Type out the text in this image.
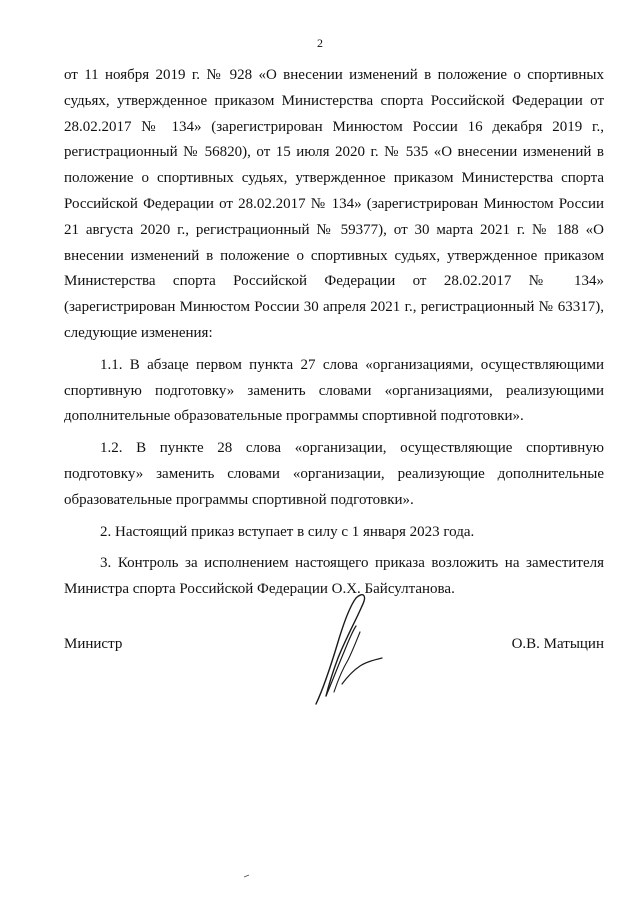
2

от 11 ноября 2019 г. № 928 «О внесении изменений в положение о спортивных судьях, утвержденное приказом Министерства спорта Российской Федерации от 28.02.2017 № 134» (зарегистрирован Минюстом России 16 декабря 2019 г., регистрационный № 56820), от 15 июля 2020 г. № 535 «О внесении изменений в положение о спортивных судьях, утвержденное приказом Министерства спорта Российской Федерации от 28.02.2017 № 134» (зарегистрирован Минюстом России 21 августа 2020 г., регистрационный № 59377), от 30 марта 2021 г. № 188 «О внесении изменений в положение о спортивных судьях, утвержденное приказом Министерства спорта Российской Федерации от 28.02.2017 № 134» (зарегистрирован Минюстом России 30 апреля 2021 г., регистрационный № 63317), следующие изменения:

1.1. В абзаце первом пункта 27 слова «организациями, осуществляющими спортивную подготовку» заменить словами «организациями, реализующими дополнительные образовательные программы спортивной подготовки».

1.2. В пункте 28 слова «организации, осуществляющие спортивную подготовку» заменить словами «организации, реализующие дополнительные образовательные программы спортивной подготовки».

2. Настоящий приказ вступает в силу с 1 января 2023 года.

3. Контроль за исполнением настоящего приказа возложить на заместителя Министра спорта Российской Федерации О.Х. Байсултанова.

Министр	О.В. Матыцин
